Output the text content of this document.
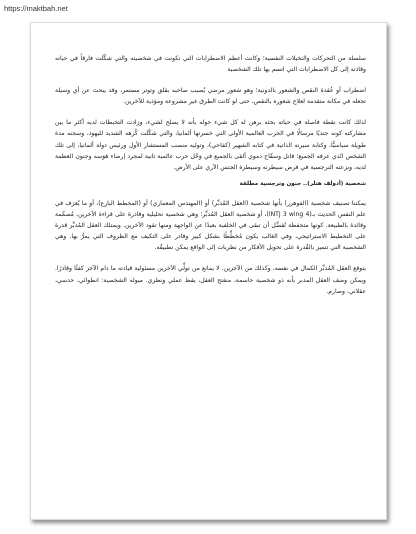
https://maktbah.net

سلسلة من التحركات والتخيلات النفسية؛ وكانت أعظم الاضطرابات التي تكونت في شخصيته والتي شكّلت فارقاً في حياته وقادته إلى كل الاضطرابات التي اتسم بها تلك الشخصية

اضطراب أو عُقدة النقص والشعور بالدونية؛ وهو شعور مرضي يُصيب صاحبه بقلق وتوتر مستمر، وقد يبحث عن أي وسيلة تجعله في مكانة متقدمة لعلاج شعوره بالنقص، حتى لو كانت الطرق غير مشروعة ومؤذية للآخرين.

لذلك كانت نقطة فاصلة في حياته بحثه برهن له كل شيء حوله بأنه لا يصلح لشيء، وزادت التخبطات لديه أكثر ما بين مشاركته كونه جنديًا مرسالًا في الحرب العالمية الأولى التي خسرتها ألمانيا، والتي شكّلت كُرهه الشديد لليهود، وسجنه مدة طويلة سياسيًّا، وكتابة سيرته الذاتية في كتابه الشهير (كفاحي)، وتوليه منصب المستشار الأول ورئيس دولة ألمانيا، إلى تلك الشخص الذي عرفه الجميع؛ قاتل وسفّاح دموي ألقى بالجميع في وَحْل حرب عالمية ثانية لمجرد إرضاء هَوَسه وجنون العظمة لديه، ونزعته النرجسية في فرض سيطرته وسيطرة الجنس الآري على الأرض.

شخصية (أدولف هتلر).. جنون وترجسية مطلقة

يمكننا تصنيف شخصية (الفوهرر) بأنها شخصية (العقل المُدبِّر) أو (المهندس المعماري) أو (المخطط البارع)، أو ما يُعرَف في علم النفس الحديث بـ(INTJ 3 wing 4)، أو شخصية العقل المُدبِّر؛ وهي شخصية تحليلية وقادرة على قراءة الآخرين، مُصمِّمة وقائدة بالطبيعة. كونها متحفظة تُفضِّل أن تبقى في الخلفية بعيدًا عن الواجهة ومنها تقود الآخرين. ويمتلك العقل المُدبِّر قدرة على التخطيط الاستراتيجي، وفي الغالب يكون مُخطِّطًا بشكل كبير وقادر على التكيف مع الظروف التي يمرُّ بها. وهي الشخصية التي تتميز بالقُدرة على تحويل الأفكار من نظريات إلى الواقع يمكن تطبيقُه.

يتوقع العقل المُدبِّر الكمال في نفسه، وكذلك من الآخرين. لا يمانع من تولِّي الآخرين مسئولية قيادته ما دام الآخر كفئًا وقادرًا. ويمكن وصف العقل المدبر بأنه ذو شخصية حاسمة، منفتح العقل، يقظ عملي ونظري. ميوله الشخصية: انطوائي، حدسي، عقلاني، وصارم.
